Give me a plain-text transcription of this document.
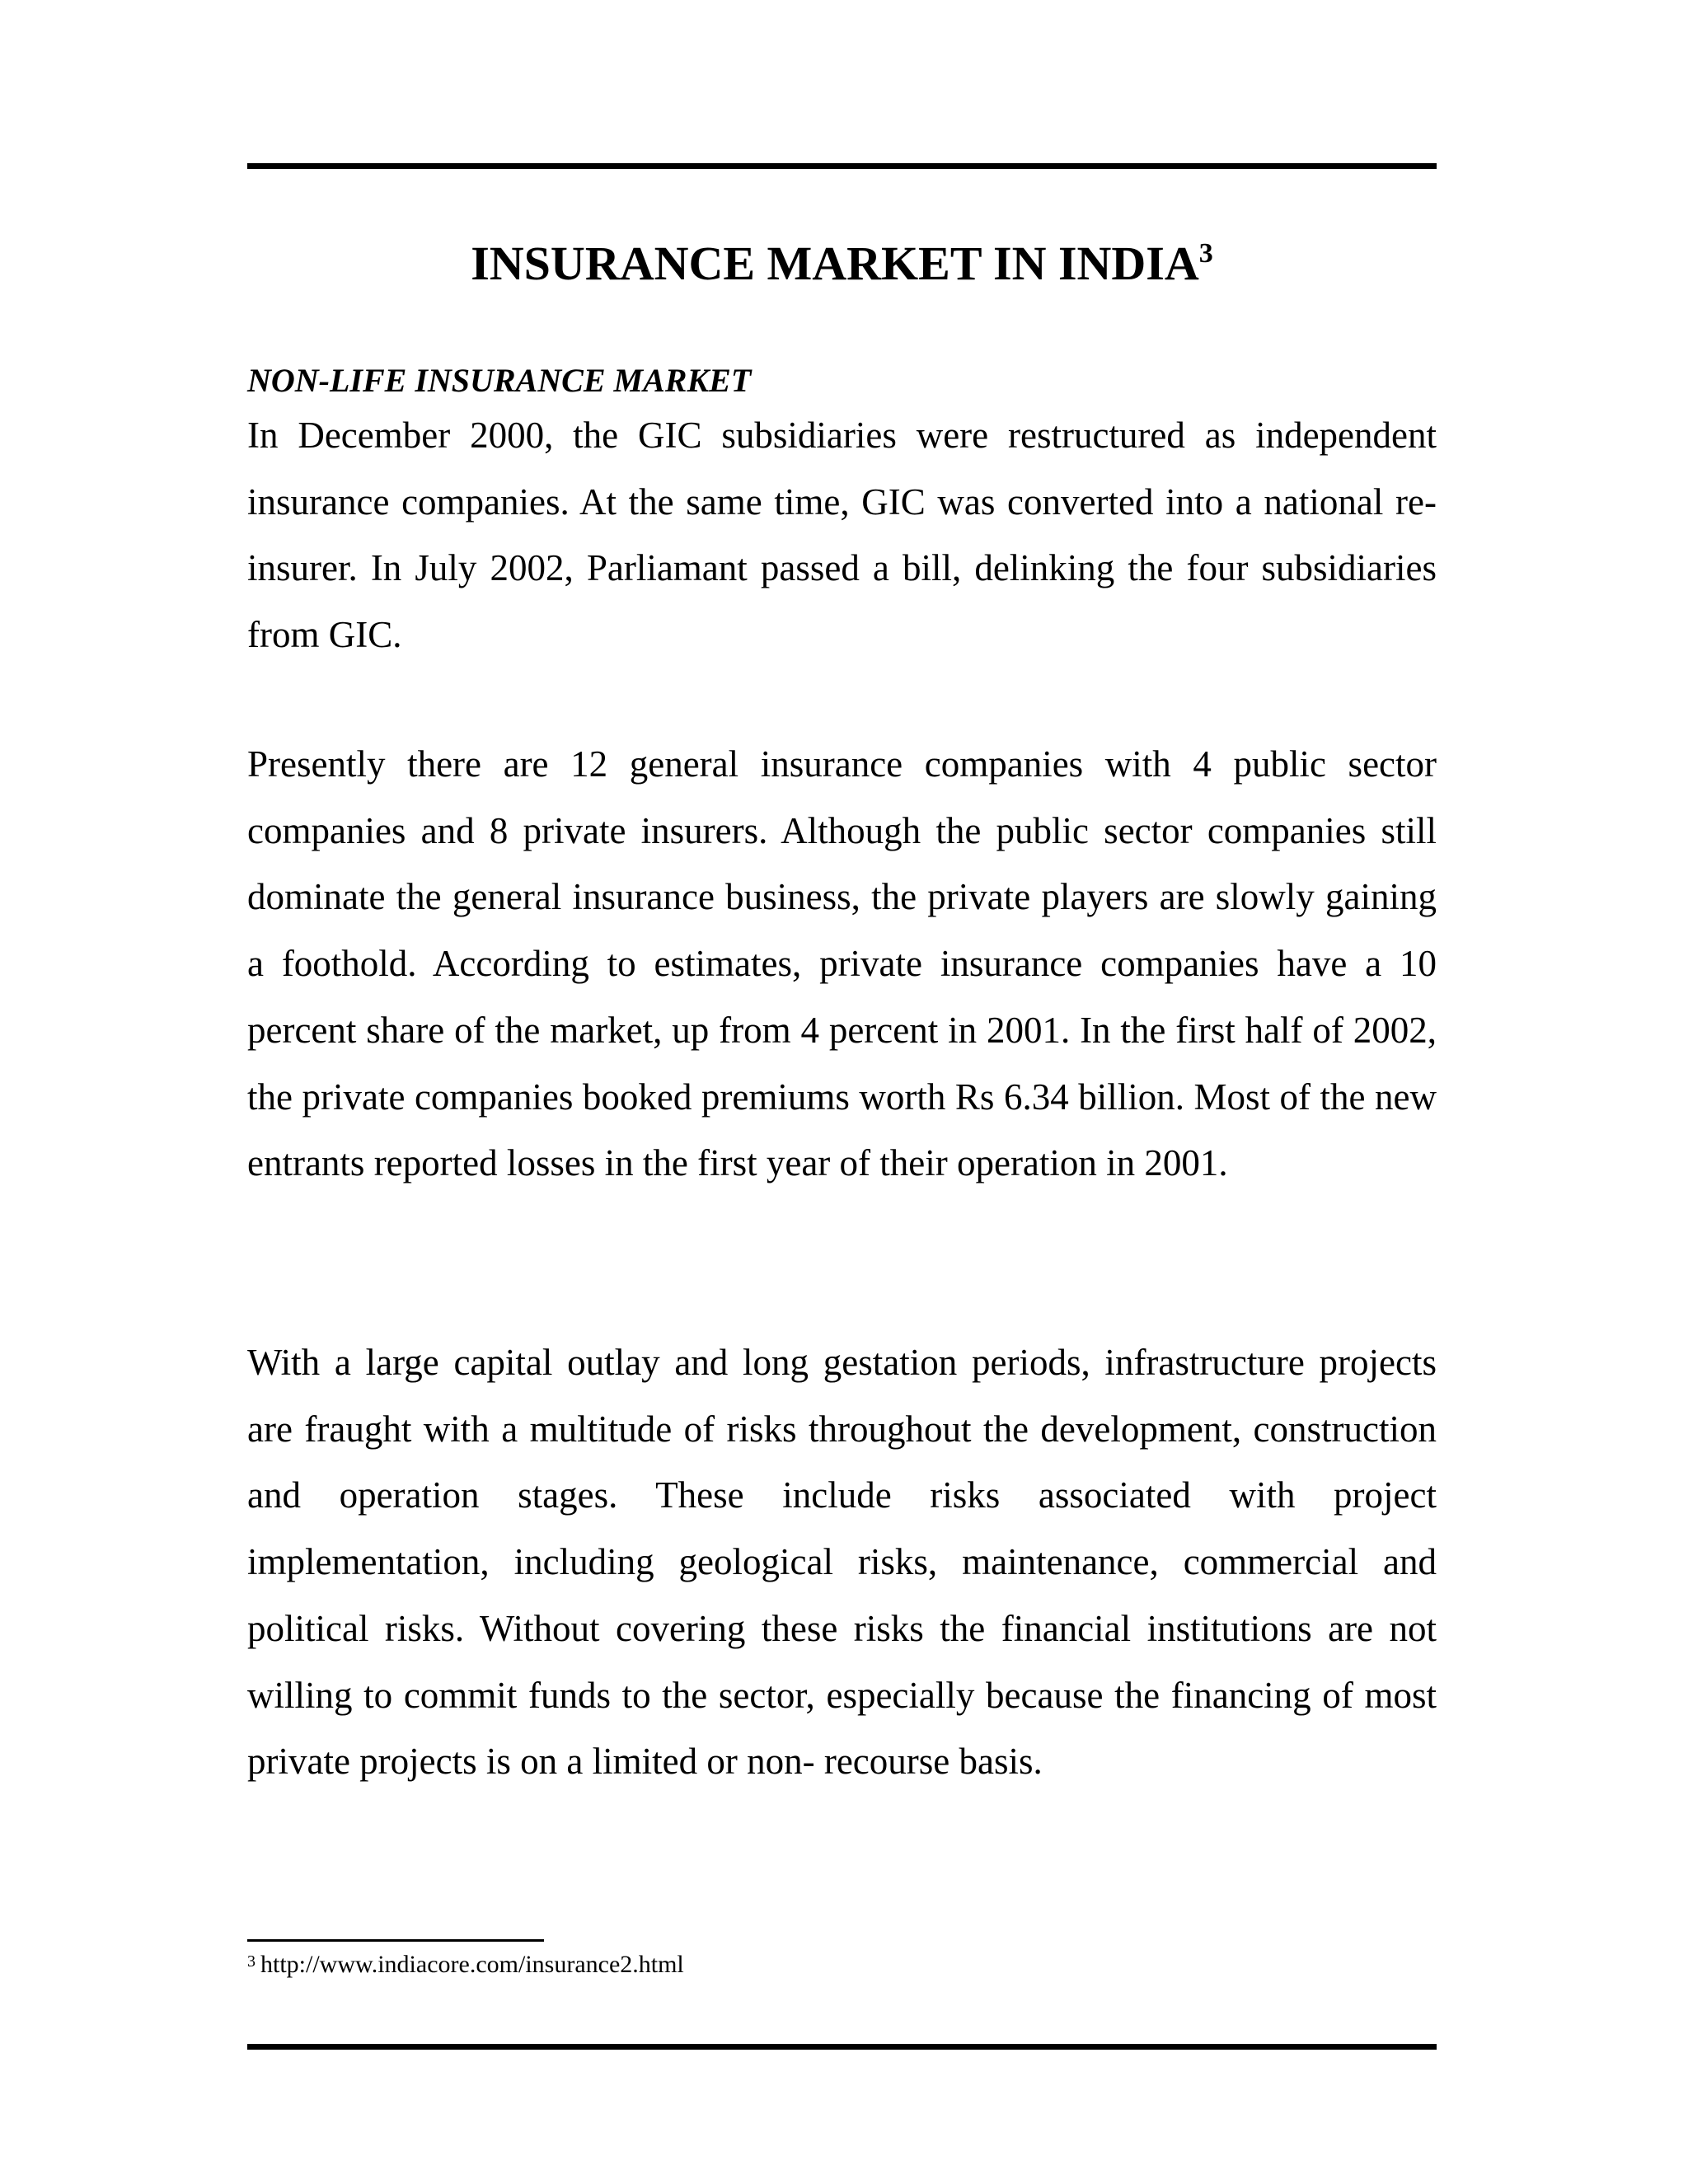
INSURANCE MARKET IN INDIA$^3$
NON-LIFE INSURANCE MARKET

In December 2000, the GIC subsidiaries were restructured as independent insurance companies. At the same time, GIC was converted into a national re-insurer. In July 2002, Parliamant passed a bill, delinking the four subsidiaries from GIC.

Presently there are 12 general insurance companies with 4 public sector companies and 8 private insurers. Although the public sector companies still dominate the general insurance business, the private players are slowly gaining a foothold. According to estimates, private insurance companies have a 10 percent share of the market, up from 4 percent in 2001. In the first half of 2002, the private companies booked premiums worth Rs 6.34 billion. Most of the new entrants reported losses in the first year of their operation in 2001.

With a large capital outlay and long gestation periods, infrastructure projects are fraught with a multitude of risks throughout the development, construction and operation stages. These include risks associated with project implementation, including geological risks, maintenance, commercial and political risks. Without covering these risks the financial institutions are not willing to commit funds to the sector, especially because the financing of most private projects is on a limited or non- recourse basis.

$^3$ http://www.indiacore.com/insurance2.html
